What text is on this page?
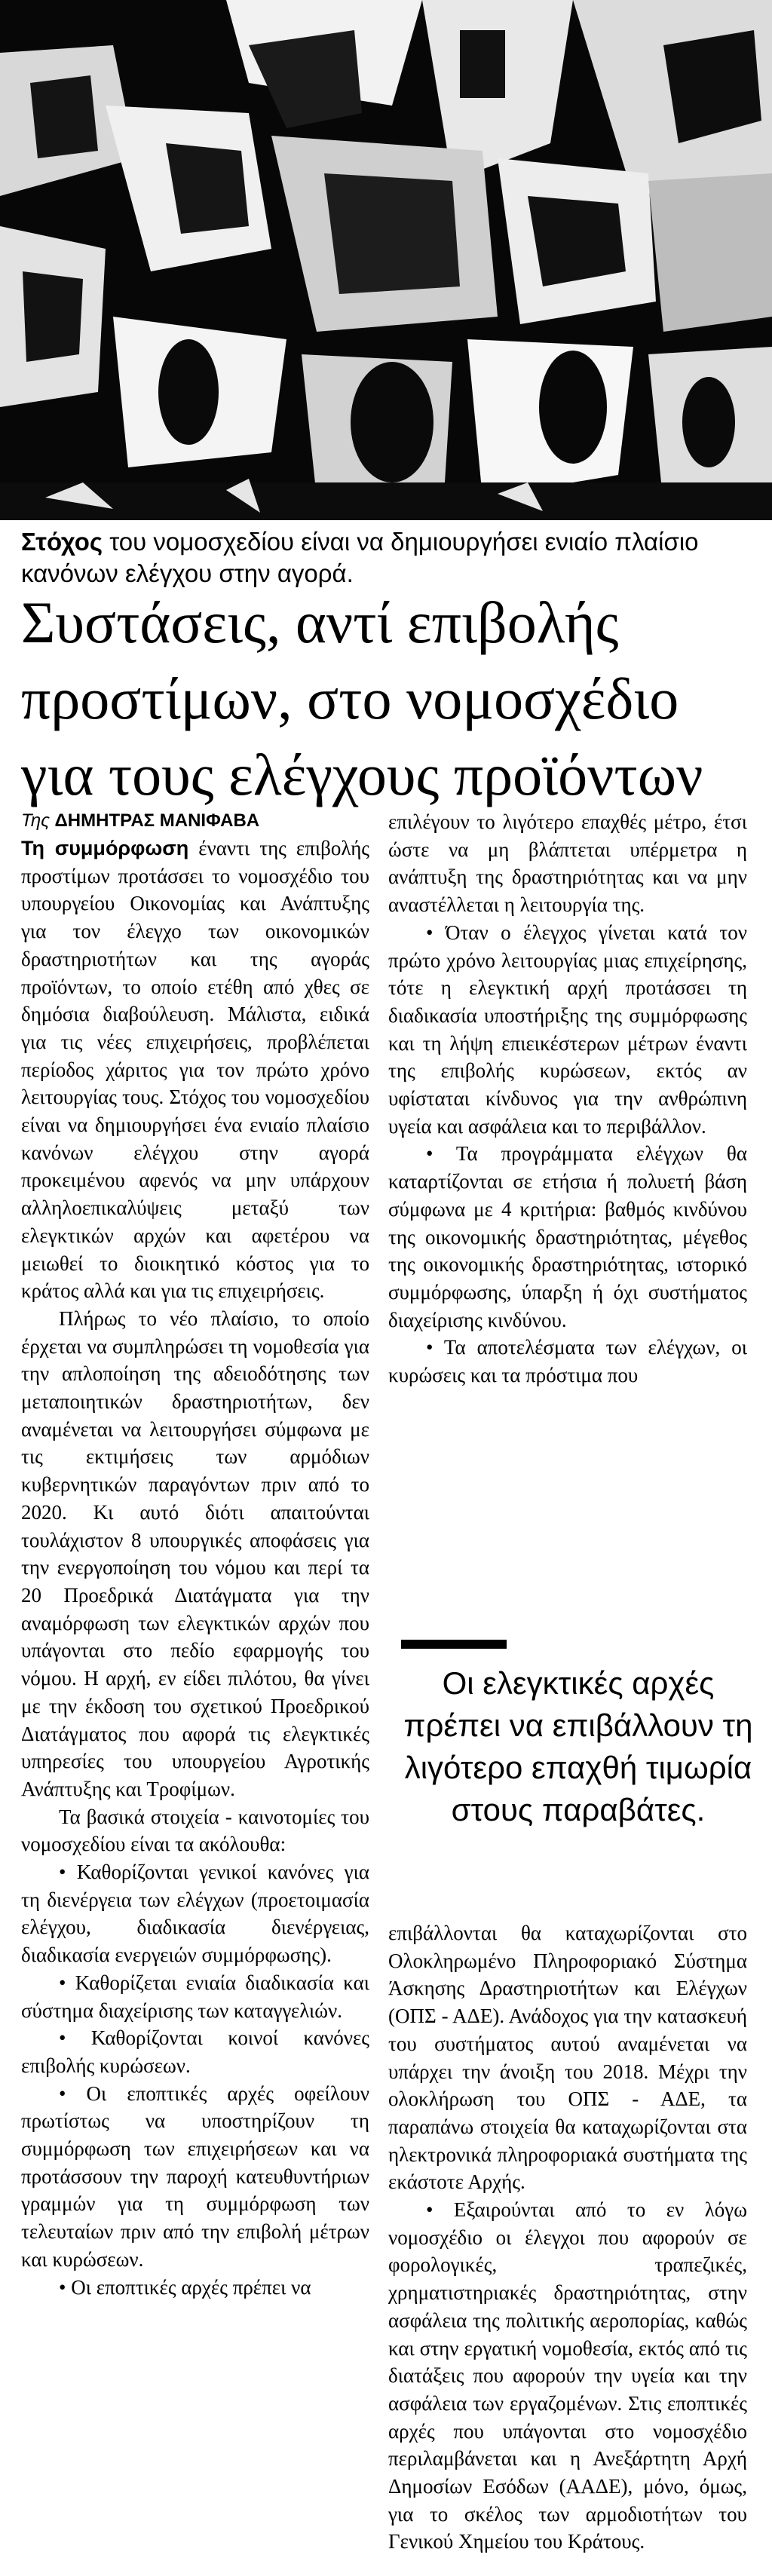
Στόχος του νομοσχεδίου είναι να δημιουργήσει ενιαίο πλαίσιο κανόνων ελέγχου στην αγορά.

Συστάσεις, αντί επιβολής προστίμων, στο νομοσχέδιο για τους ελέγχους προϊόντων

Της ΔΗΜΗΤΡΑΣ ΜΑΝΙΦΑΒΑ

Τη συμμόρφωση έναντι της επιβολής προστίμων προτάσσει το νομοσχέδιο του υπουργείου Οικονομίας και Ανάπτυξης για τον έλεγχο των οικονομικών δραστηριοτήτων και της αγοράς προϊόντων, το οποίο ετέθη από χθες σε δημόσια διαβούλευση. Μάλιστα, ειδικά για τις νέες επιχειρήσεις, προβλέπεται περίοδος χάριτος για τον πρώτο χρόνο λειτουργίας τους. Στόχος του νομοσχεδίου είναι να δημιουργήσει ένα ενιαίο πλαίσιο κανόνων ελέγχου στην αγορά προκειμένου αφενός να μην υπάρχουν αλληλοεπικαλύψεις μεταξύ των ελεγκτικών αρχών και αφετέρου να μειωθεί το διοικητικό κόστος για το κράτος αλλά και για τις επιχειρήσεις.

Πλήρως το νέο πλαίσιο, το οποίο έρχεται να συμπληρώσει τη νομοθεσία για την απλοποίηση της αδειοδότησης των μεταποιητικών δραστηριοτήτων, δεν αναμένεται να λειτουργήσει σύμφωνα με τις εκτιμήσεις των αρμόδιων κυβερνητικών παραγόντων πριν από το 2020. Κι αυτό διότι απαιτούνται τουλάχιστον 8 υπουργικές αποφάσεις για την ενεργοποίηση του νόμου και περί τα 20 Προεδρικά Διατάγματα για την αναμόρφωση των ελεγκτικών αρχών που υπάγονται στο πεδίο εφαρμογής του νόμου. Η αρχή, εν είδει πιλότου, θα γίνει με την έκδοση του σχετικού Προεδρικού Διατάγματος που αφορά τις ελεγκτικές υπηρεσίες του υπουργείου Αγροτικής Ανάπτυξης και Τροφίμων.

Τα βασικά στοιχεία - καινοτομίες του νομοσχεδίου είναι τα ακόλουθα:

• Καθορίζονται γενικοί κανόνες για τη διενέργεια των ελέγχων (προετοιμασία ελέγχου, διαδικασία διενέργειας, διαδικασία ενεργειών συμμόρφωσης).

• Καθορίζεται ενιαία διαδικασία και σύστημα διαχείρισης των καταγγελιών.

• Καθορίζονται κοινοί κανόνες επιβολής κυρώσεων.

• Οι εποπτικές αρχές οφείλουν πρωτίστως να υποστηρίζουν τη συμμόρφωση των επιχειρήσεων και να προτάσσουν την παροχή κατευθυντήριων γραμμών για τη συμμόρφωση των τελευταίων πριν από την επιβολή μέτρων και κυρώσεων.

• Οι εποπτικές αρχές πρέπει να

επιλέγουν το λιγότερο επαχθές μέτρο, έτσι ώστε να μη βλάπτεται υπέρμετρα η ανάπτυξη της δραστηριότητας και να μην αναστέλλεται η λειτουργία της.

• Όταν ο έλεγχος γίνεται κατά τον πρώτο χρόνο λειτουργίας μιας επιχείρησης, τότε η ελεγκτική αρχή προτάσσει τη διαδικασία υποστήριξης της συμμόρφωσης και τη λήψη επιεικέστερων μέτρων έναντι της επιβολής κυρώσεων, εκτός αν υφίσταται κίνδυνος για την ανθρώπινη υγεία και ασφάλεια και το περιβάλλον.

• Τα προγράμματα ελέγχων θα καταρτίζονται σε ετήσια ή πολυετή βάση σύμφωνα με 4 κριτήρια: βαθμός κινδύνου της οικονομικής δραστηριότητας, μέγεθος της οικονομικής δραστηριότητας, ιστορικό συμμόρφωσης, ύπαρξη ή όχι συστήματος διαχείρισης κινδύνου.

• Τα αποτελέσματα των ελέγχων, οι κυρώσεις και τα πρόστιμα που

Οι ελεγκτικές αρχές πρέπει να επιβάλλουν τη λιγότερο επαχθή τιμωρία στους παραβάτες.

επιβάλλονται θα καταχωρίζονται στο Ολοκληρωμένο Πληροφοριακό Σύστημα Άσκησης Δραστηριοτήτων και Ελέγχων (ΟΠΣ - ΑΔΕ). Ανάδοχος για την κατασκευή του συστήματος αυτού αναμένεται να υπάρχει την άνοιξη του 2018. Μέχρι την ολοκλήρωση του ΟΠΣ - ΑΔΕ, τα παραπάνω στοιχεία θα καταχωρίζονται στα ηλεκτρονικά πληροφοριακά συστήματα της εκάστοτε Αρχής.

• Εξαιρούνται από το εν λόγω νομοσχέδιο οι έλεγχοι που αφορούν σε φορολογικές, τραπεζικές, χρηματιστηριακές δραστηριότητας, στην ασφάλεια της πολιτικής αεροπορίας, καθώς και στην εργατική νομοθεσία, εκτός από τις διατάξεις που αφορούν την υγεία και την ασφάλεια των εργαζομένων. Στις εποπτικές αρχές που υπάγονται στο νομοσχέδιο περιλαμβάνεται και η Ανεξάρτητη Αρχή Δημοσίων Εσόδων (ΑΑΔΕ), μόνο, όμως, για το σκέλος των αρμοδιοτήτων του Γενικού Χημείου του Κράτους.
